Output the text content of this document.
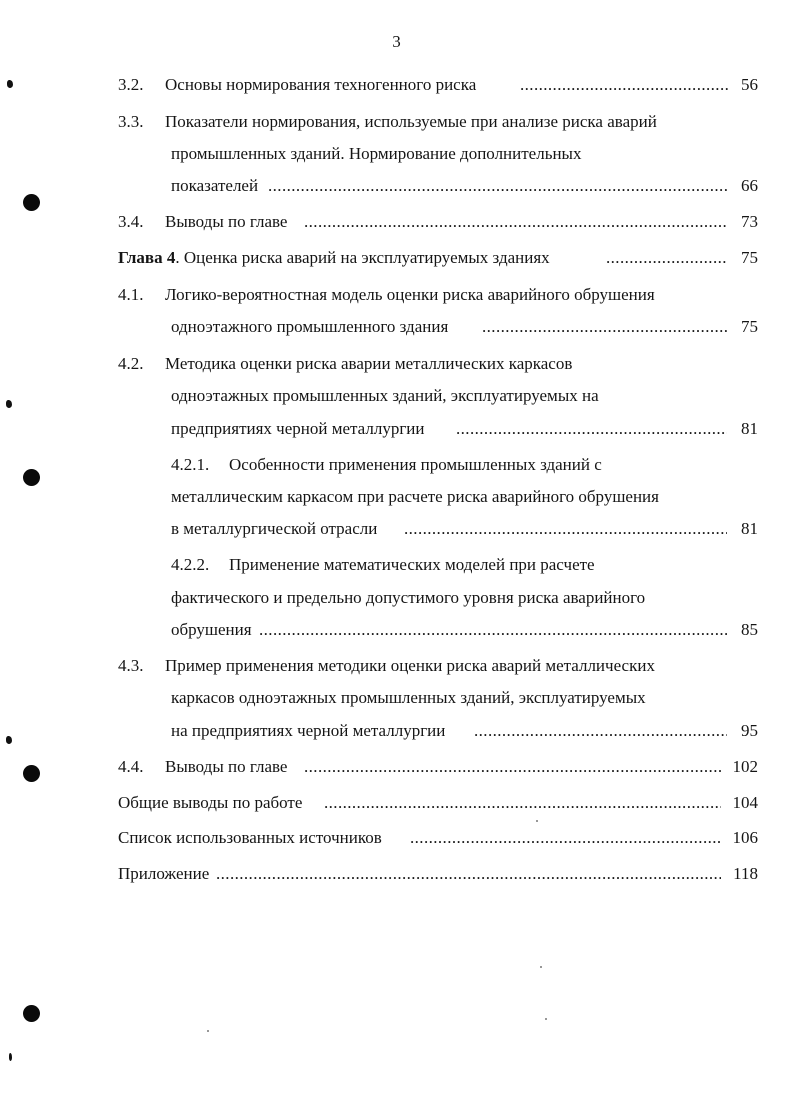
3
3.2. Основы нормирования техногенного риска .....	56
3.3. Показатели нормирования, используемые при анализе риска аварий
промышленных зданий. Нормирование дополнительных
показателей .....	66
3.4. Выводы по главе .....	73
Глава 4. Оценка риска аварий на эксплуатируемых зданиях .....	75
4.1. Логико-вероятностная модель оценки риска аварийного обрушения
одноэтажного промышленного здания .....	75
4.2. Методика оценки риска аварии металлических каркасов
одноэтажных промышленных зданий, эксплуатируемых на
предприятиях черной металлургии .....	81
4.2.1. Особенности применения промышленных зданий с
металлическим каркасом при расчете риска аварийного обрушения
в металлургической отрасли .....	81
4.2.2. Применение математических моделей при расчете
фактического и предельно допустимого уровня риска аварийного
обрушения .....	85
4.3. Пример применения методики оценки риска аварий металлических
каркасов одноэтажных промышленных зданий, эксплуатируемых
на предприятиях черной металлургии .....	95
4.4. Выводы по главе .....	102
Общие выводы по работе .....	104
Список использованных источников .....	106
Приложение .....	118
